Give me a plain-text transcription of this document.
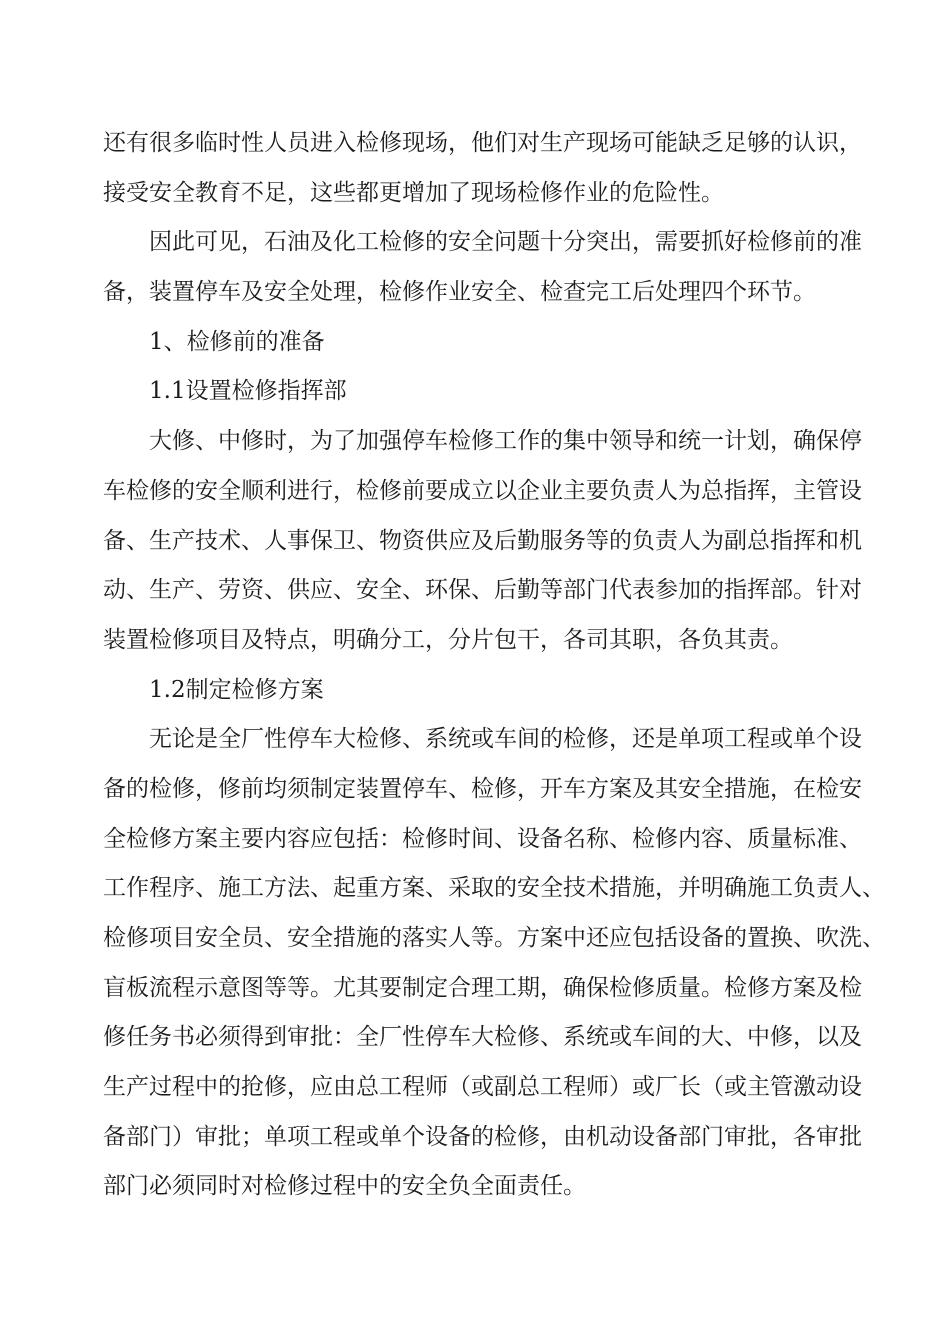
还有很多临时性人员进入检修现场，他们对生产现场可能缺乏足够的认识，
接受安全教育不足，这些都更增加了现场检修作业的危险性。
因此可见，石油及化工检修的安全问题十分突出，需要抓好检修前的准
备，装置停车及安全处理，检修作业安全、检查完工后处理四个环节。
1、检修前的准备
1.1设置检修指挥部
大修、中修时，为了加强停车检修工作的集中领导和统一计划，确保停
车检修的安全顺利进行，检修前要成立以企业主要负责人为总指挥，主管设
备、生产技术、人事保卫、物资供应及后勤服务等的负责人为副总指挥和机
动、生产、劳资、供应、安全、环保、后勤等部门代表参加的指挥部。针对
装置检修项目及特点，明确分工，分片包干，各司其职，各负其责。
1.2制定检修方案
无论是全厂性停车大检修、系统或车间的检修，还是单项工程或单个设
备的检修，修前均须制定装置停车、检修，开车方案及其安全措施，在检安
全检修方案主要内容应包括：检修时间、设备名称、检修内容、质量标准、
工作程序、施工方法、起重方案、采取的安全技术措施，并明确施工负责人、
检修项目安全员、安全措施的落实人等。方案中还应包括设备的置换、吹洗、
盲板流程示意图等等。尤其要制定合理工期，确保检修质量。检修方案及检
修任务书必须得到审批：全厂性停车大检修、系统或车间的大、中修，以及
生产过程中的抢修，应由总工程师（或副总工程师）或厂长（或主管激动设
备部门）审批；单项工程或单个设备的检修，由机动设备部门审批，各审批
部门必须同时对检修过程中的安全负全面责任。
